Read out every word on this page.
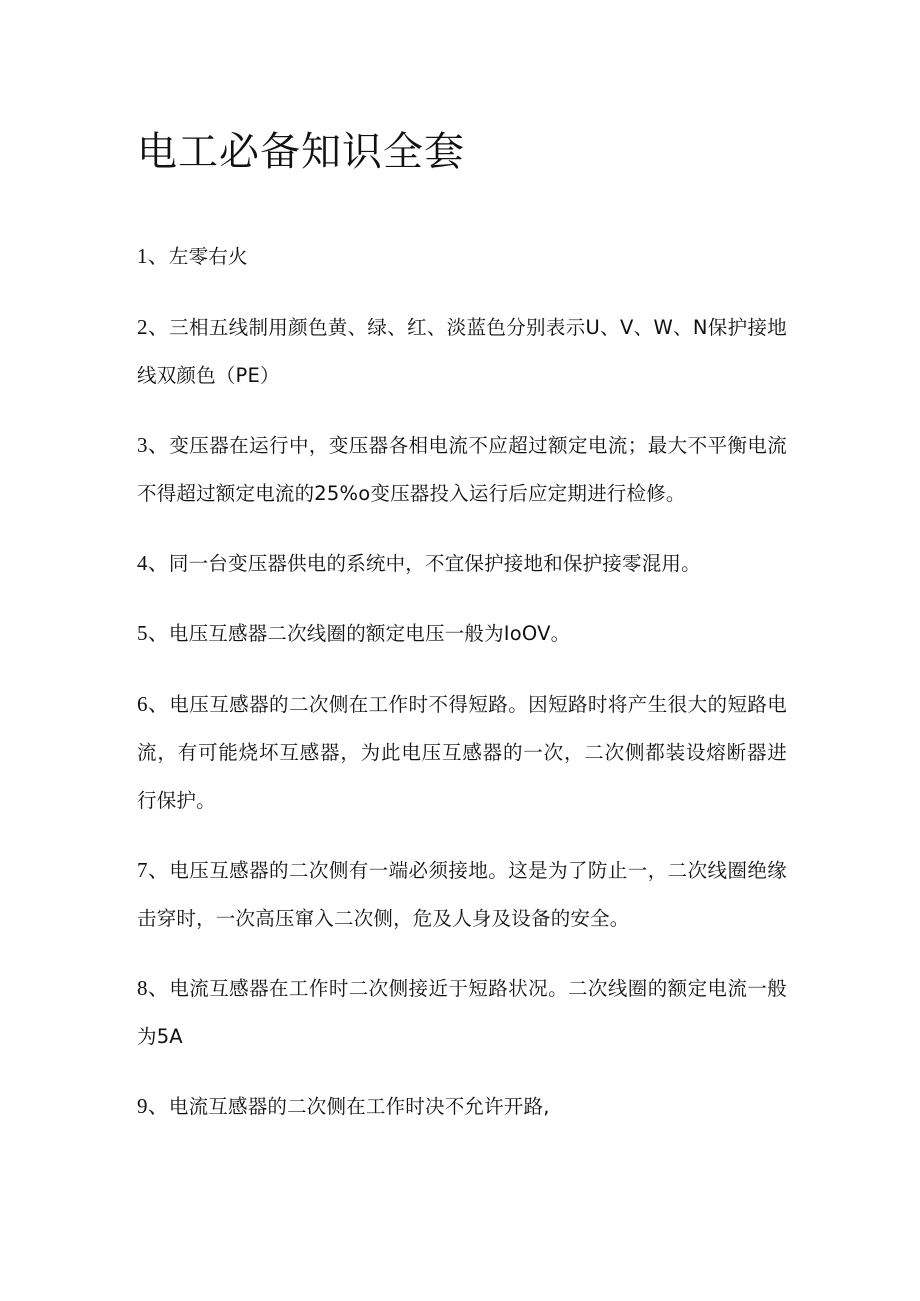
电工必备知识全套

1、左零右火

2、三相五线制用颜色黄、绿、红、淡蓝色分别表示U、V、W、N保护接地线双颜色（PE）

3、变压器在运行中，变压器各相电流不应超过额定电流；最大不平衡电流不得超过额定电流的25%o变压器投入运行后应定期进行检修。

4、同一台变压器供电的系统中，不宜保护接地和保护接零混用。

5、电压互感器二次线圈的额定电压一般为IoOV。

6、电压互感器的二次侧在工作时不得短路。因短路时将产生很大的短路电流，有可能烧坏互感器，为此电压互感器的一次，二次侧都装设熔断器进行保护。

7、电压互感器的二次侧有一端必须接地。这是为了防止一，二次线圈绝缘击穿时，一次高压窜入二次侧，危及人身及设备的安全。

8、电流互感器在工作时二次侧接近于短路状况。二次线圈的额定电流一般为5A

9、电流互感器的二次侧在工作时决不允许开路,
